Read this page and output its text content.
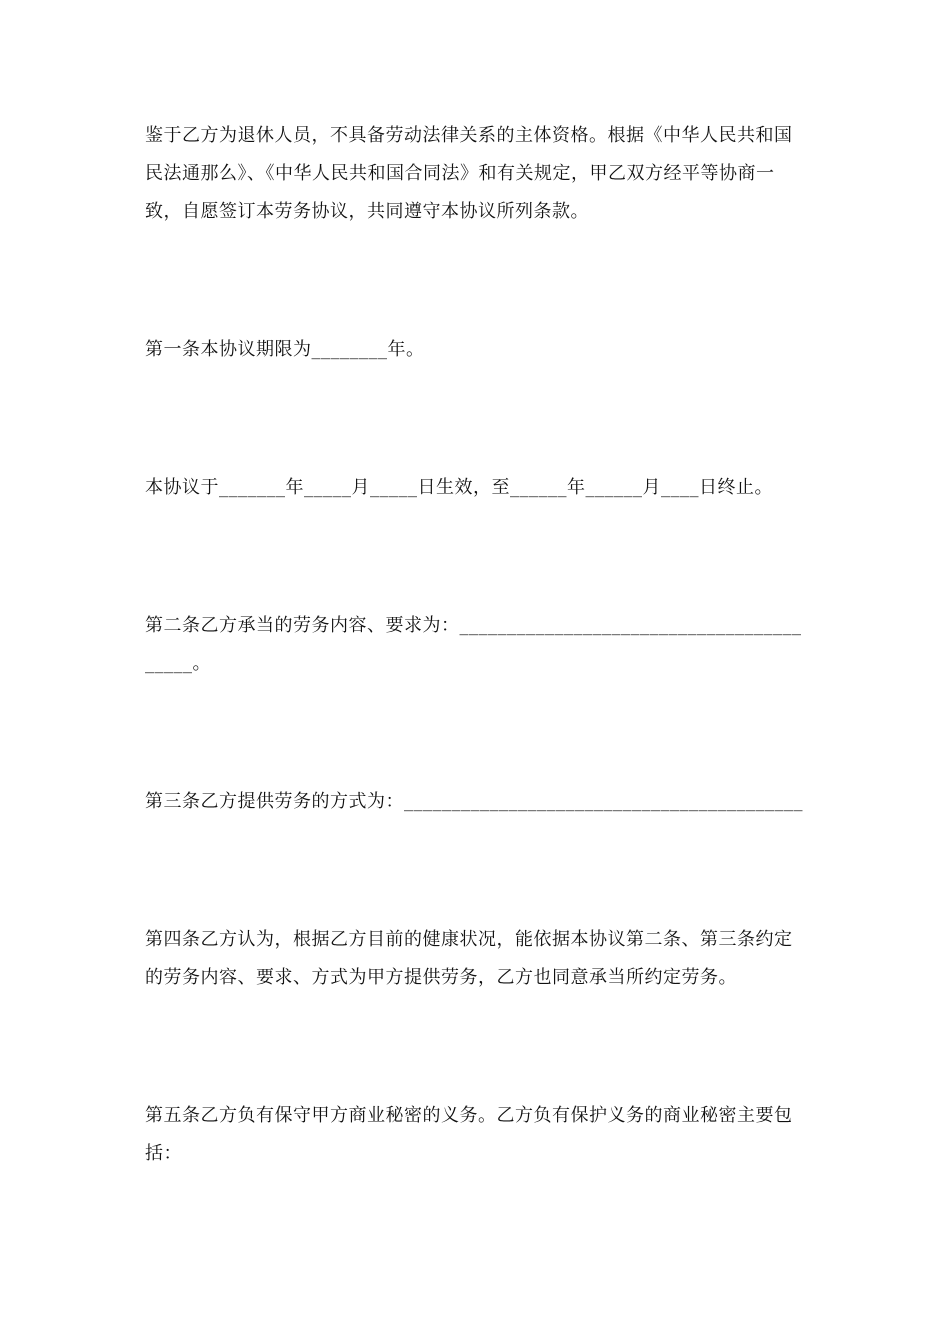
鉴于乙方为退休人员，不具备劳动法律关系的主体资格。根据《中华人民共和国民法通那么》、《中华人民共和国合同法》和有关规定，甲乙双方经平等协商一致，自愿签订本劳务协议，共同遵守本协议所列条款。

第一条本协议期限为________年。

本协议于_______年_____月_____日生效，至______年______月____日终止。

第二条乙方承当的劳务内容、要求为：_________________________________________。

第三条乙方提供劳务的方式为：__________________________________________

第四条乙方认为，根据乙方目前的健康状况，能依据本协议第二条、第三条约定的劳务内容、要求、方式为甲方提供劳务，乙方也同意承当所约定劳务。

第五条乙方负有保守甲方商业秘密的义务。乙方负有保护义务的商业秘密主要包括：
